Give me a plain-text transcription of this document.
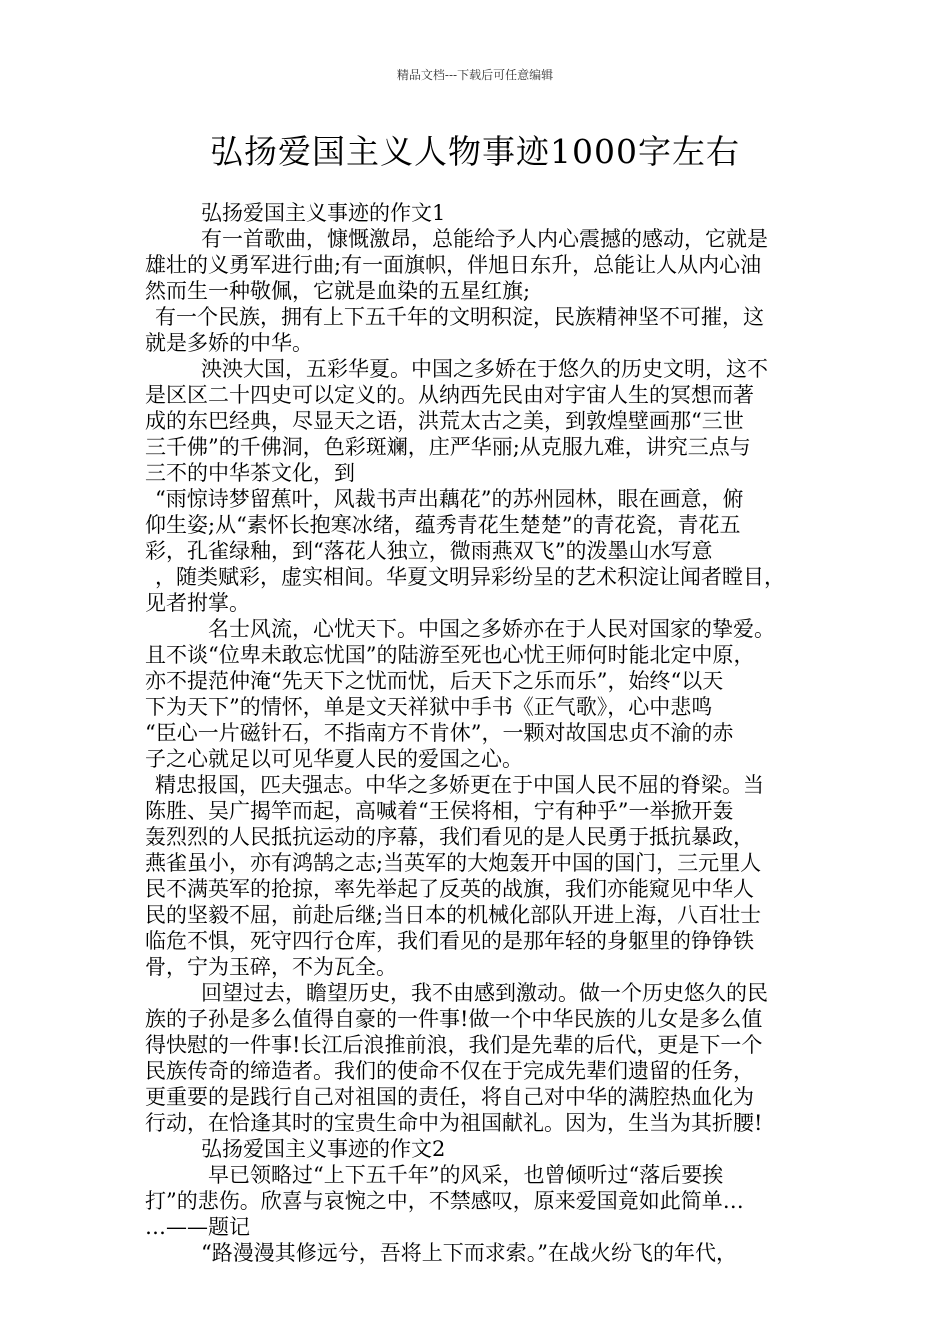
精品文档---下载后可任意编辑
弘扬爱国主义人物事迹1000字左右
弘扬爱国主义事迹的作文1
有一首歌曲，慷慨激昂，总能给予人内心震撼的感动，它就是
雄壮的义勇军进行曲;有一面旗帜，伴旭日东升，总能让人从内心油
然而生一种敬佩，它就是血染的五星红旗;
有一个民族，拥有上下五千年的文明积淀，民族精神坚不可摧，这
就是多娇的中华。
泱泱大国，五彩华夏。中国之多娇在于悠久的历史文明，这不
是区区二十四史可以定义的。从纳西先民由对宇宙人生的冥想而著
成的东巴经典，尽显天之语，洪荒太古之美，到敦煌壁画那“三世
三千佛”的千佛洞，色彩斑斓，庄严华丽;从克服九难，讲究三点与
三不的中华茶文化，到
“雨惊诗梦留蕉叶，风裁书声出藕花”的苏州园林，眼在画意，俯
仰生姿;从“素怀长抱寒冰绪，蕴秀青花生楚楚”的青花瓷，青花五
彩，孔雀绿釉，到“落花人独立，微雨燕双飞”的泼墨山水写意
，随类赋彩，虚实相间。华夏文明异彩纷呈的艺术积淀让闻者瞠目，
见者拊掌。
名士风流，心忧天下。中国之多娇亦在于人民对国家的挚爱。
且不谈“位卑未敢忘忧国”的陆游至死也心忧王师何时能北定中原，
亦不提范仲淹“先天下之忧而忧，后天下之乐而乐”，始终“以天
下为天下”的情怀，单是文天祥狱中手书《正气歌》，心中悲鸣
“臣心一片磁针石，不指南方不肯休”，一颗对故国忠贞不渝的赤
子之心就足以可见华夏人民的爱国之心。
精忠报国，匹夫强志。中华之多娇更在于中国人民不屈的脊梁。当
陈胜、吴广揭竿而起，高喊着“王侯将相，宁有种乎”一举掀开轰
轰烈烈的人民抵抗运动的序幕，我们看见的是人民勇于抵抗暴政，
燕雀虽小，亦有鸿鹄之志;当英军的大炮轰开中国的国门，三元里人
民不满英军的抢掠，率先举起了反英的战旗，我们亦能窥见中华人
民的坚毅不屈，前赴后继;当日本的机械化部队开进上海，八百壮士
临危不惧，死守四行仓库，我们看见的是那年轻的身躯里的铮铮铁
骨，宁为玉碎，不为瓦全。
回望过去，瞻望历史，我不由感到激动。做一个历史悠久的民
族的子孙是多么值得自豪的一件事!做一个中华民族的儿女是多么值
得快慰的一件事!长江后浪推前浪，我们是先辈的后代，更是下一个
民族传奇的缔造者。我们的使命不仅在于完成先辈们遗留的任务，
更重要的是践行自己对祖国的责任，将自己对中华的满腔热血化为
行动，在恰逢其时的宝贵生命中为祖国献礼。因为，生当为其折腰!
弘扬爱国主义事迹的作文2
早已领略过“上下五千年”的风采，也曾倾听过“落后要挨
打”的悲伤。欣喜与哀惋之中，不禁感叹，原来爱国竟如此简单…
…——题记
“路漫漫其修远兮，吾将上下而求索。”在战火纷飞的年代，
